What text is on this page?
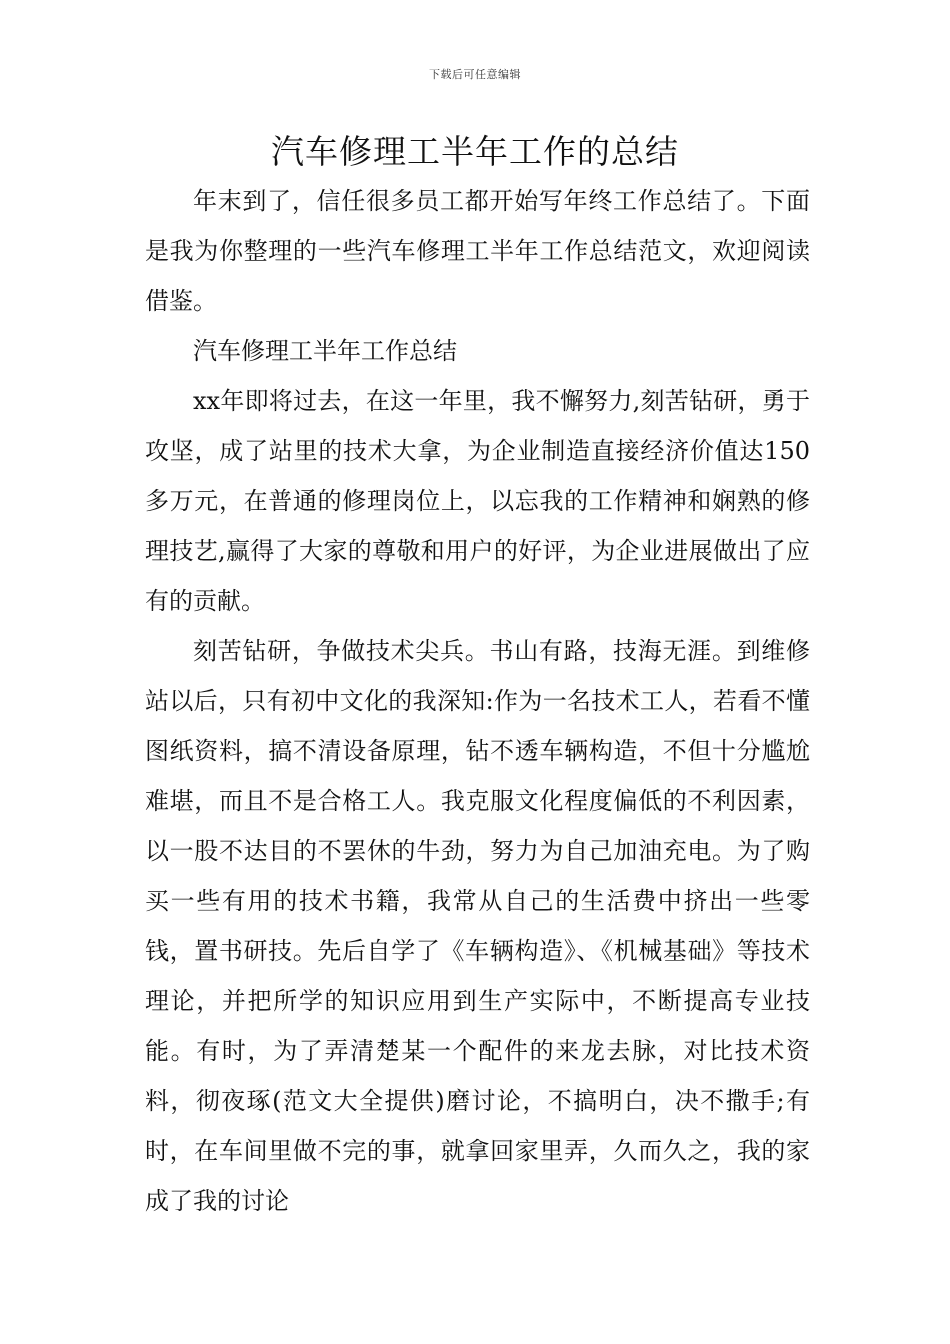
下载后可任意编辑
汽车修理工半年工作的总结

年末到了，信任很多员工都开始写年终工作总结了。下面是我为你整理的一些汽车修理工半年工作总结范文，欢迎阅读借鉴。

汽车修理工半年工作总结

xx年即将过去，在这一年里，我不懈努力,刻苦钻研，勇于攻坚，成了站里的技术大拿，为企业制造直接经济价值达150多万元，在普通的修理岗位上，以忘我的工作精神和娴熟的修理技艺,赢得了大家的尊敬和用户的好评，为企业进展做出了应有的贡献。

刻苦钻研，争做技术尖兵。书山有路，技海无涯。到维修站以后，只有初中文化的我深知:作为一名技术工人，若看不懂图纸资料，搞不清设备原理，钻不透车辆构造，不但十分尴尬难堪，而且不是合格工人。我克服文化程度偏低的不利因素，以一股不达目的不罢休的牛劲，努力为自己加油充电。为了购买一些有用的技术书籍，我常从自己的生活费中挤出一些零钱，置书研技。先后自学了《车辆构造》、《机械基础》等技术理论，并把所学的知识应用到生产实际中，不断提高专业技能。有时，为了弄清楚某一个配件的来龙去脉，对比技术资料，彻夜琢(范文大全提供)磨讨论，不搞明白，决不撒手;有时，在车间里做不完的事，就拿回家里弄，久而久之，我的家成了我的讨论
